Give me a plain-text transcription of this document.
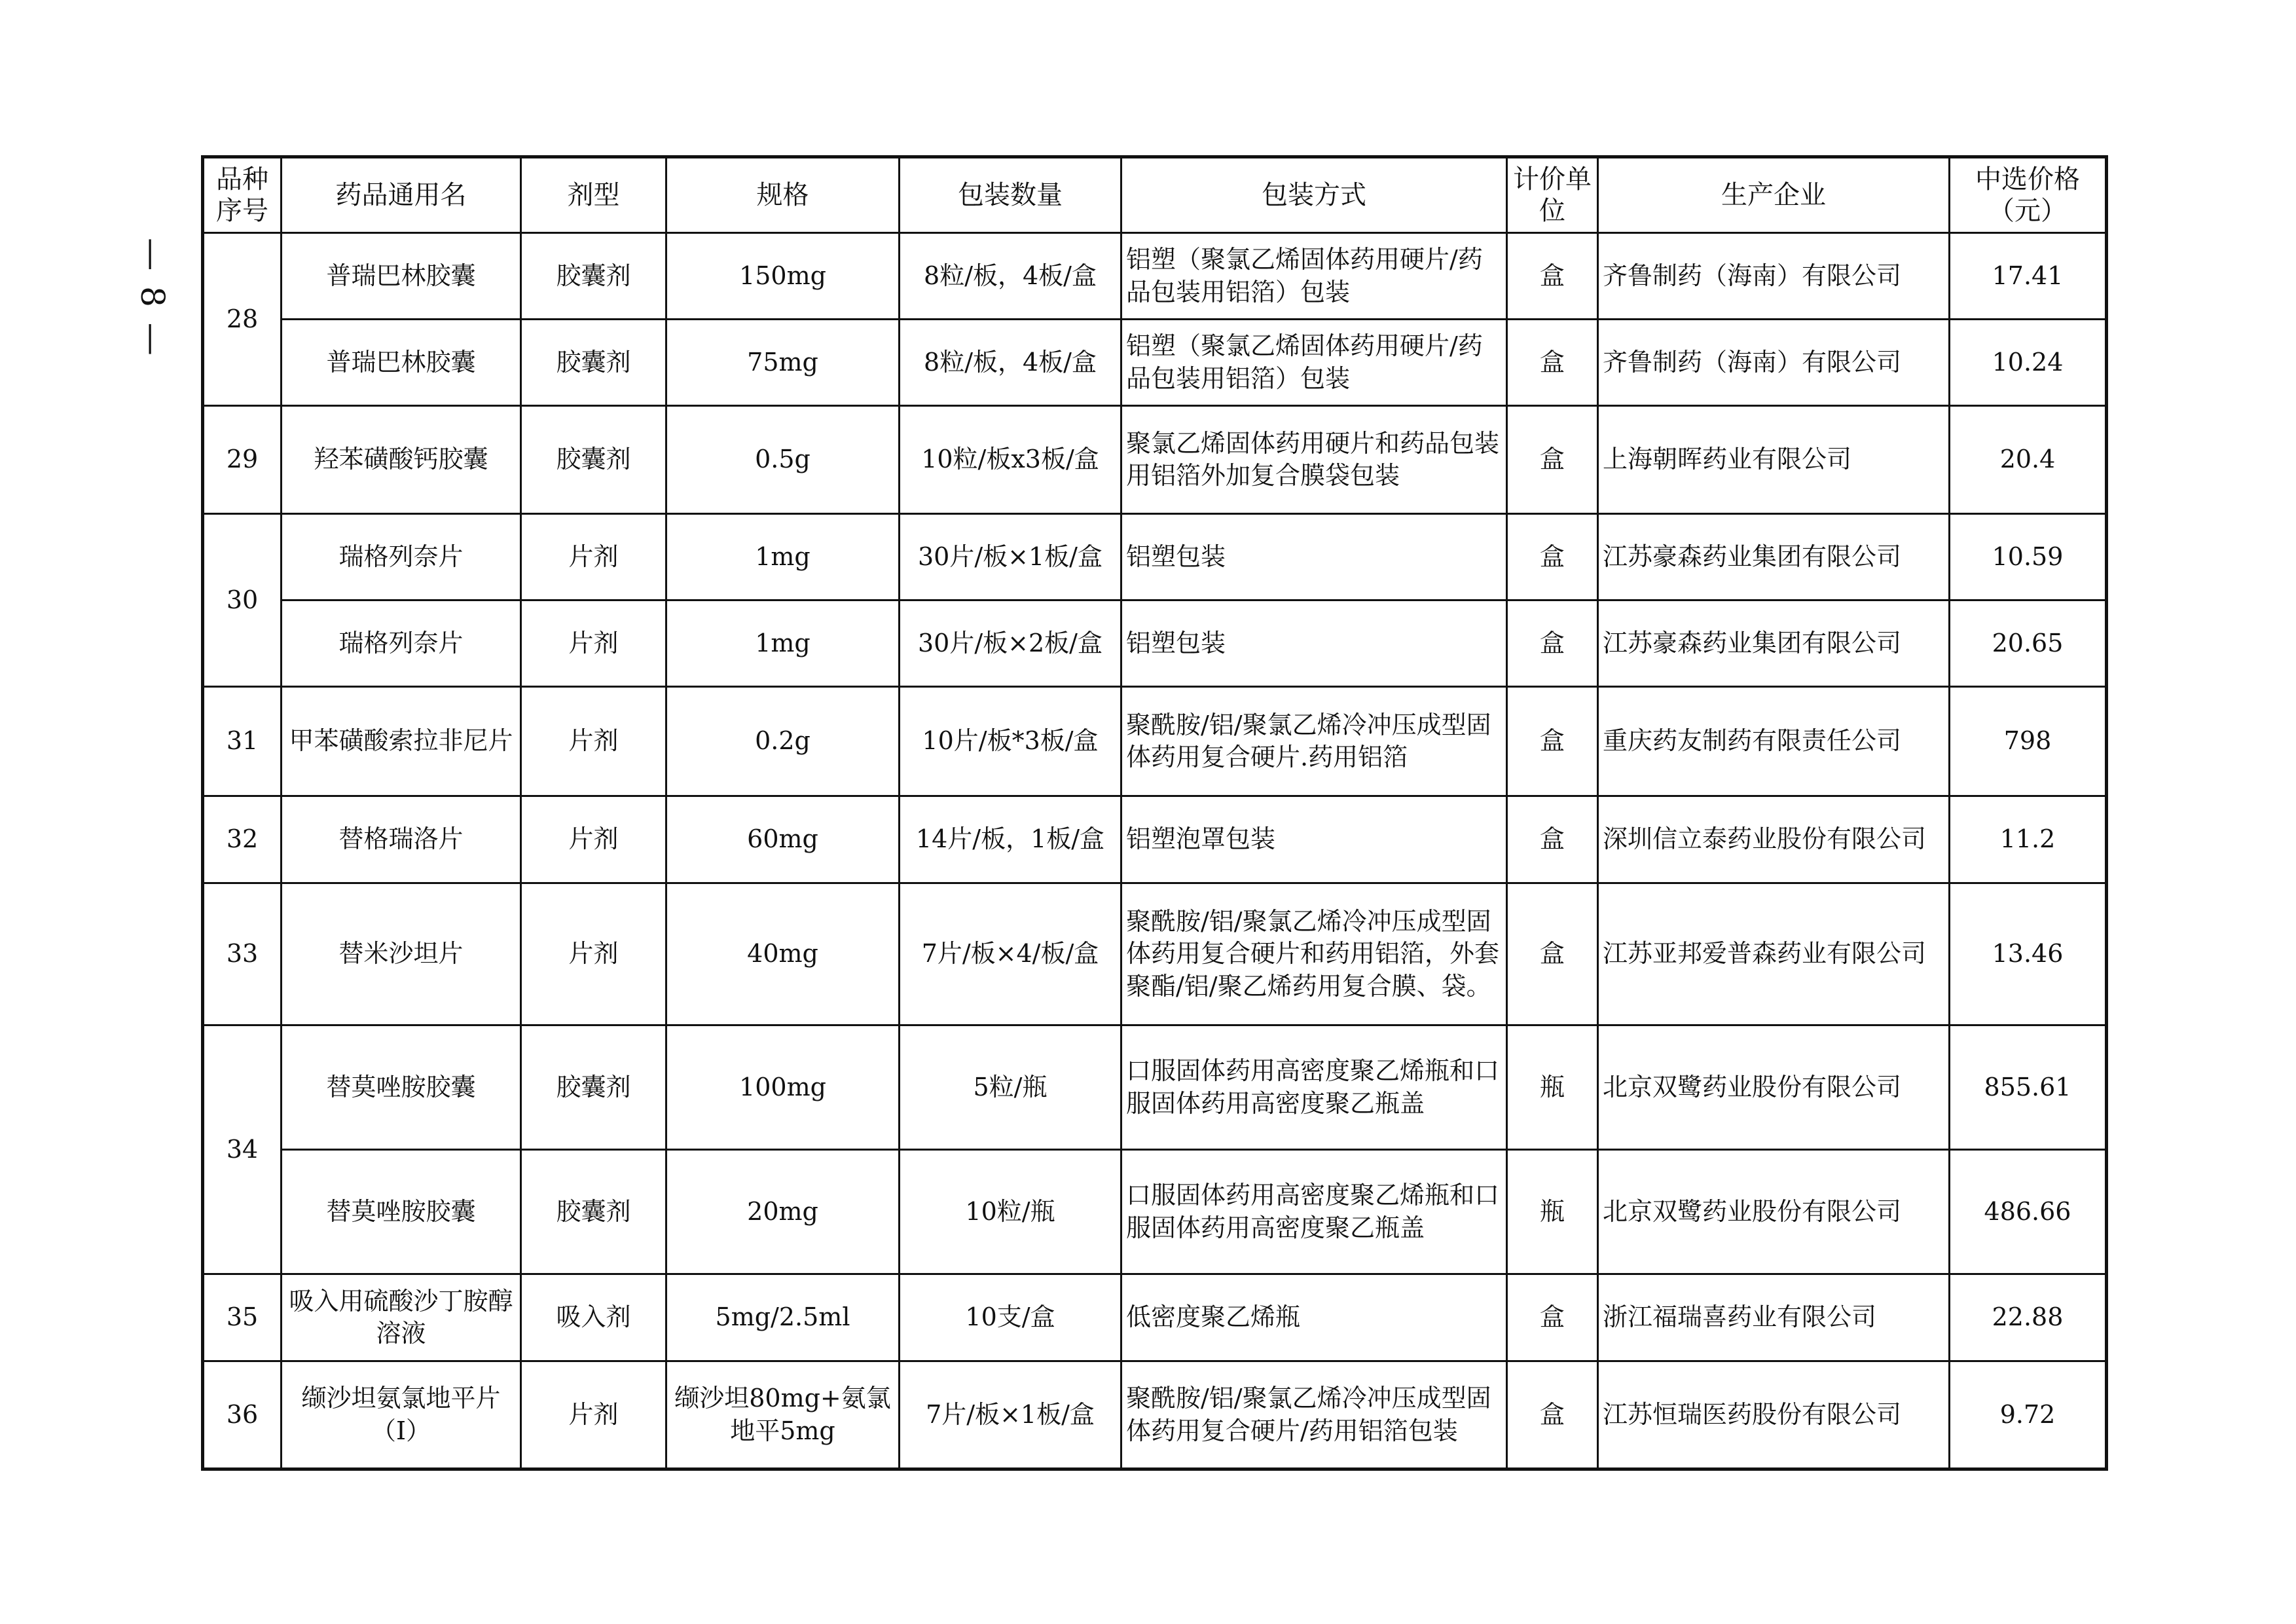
— 8 —
品种序号	药品通用名	剂型	规格	包装数量	包装方式	计价单位	生产企业	中选价格（元）
28	普瑞巴林胶囊	胶囊剂	150mg	8粒/板，4板/盒	铝塑（聚氯乙烯固体药用硬片/药品包装用铝箔）包装	盒	齐鲁制药（海南）有限公司	17.41
	普瑞巴林胶囊	胶囊剂	75mg	8粒/板，4板/盒	铝塑（聚氯乙烯固体药用硬片/药品包装用铝箔）包装	盒	齐鲁制药（海南）有限公司	10.24
29	羟苯磺酸钙胶囊	胶囊剂	0.5g	10粒/板x3板/盒	聚氯乙烯固体药用硬片和药品包装用铝箔外加复合膜袋包装	盒	上海朝晖药业有限公司	20.4
30	瑞格列奈片	片剂	1mg	30片/板×1板/盒	铝塑包装	盒	江苏豪森药业集团有限公司	10.59
	瑞格列奈片	片剂	1mg	30片/板×2板/盒	铝塑包装	盒	江苏豪森药业集团有限公司	20.65
31	甲苯磺酸索拉非尼片	片剂	0.2g	10片/板*3板/盒	聚酰胺/铝/聚氯乙烯冷冲压成型固体药用复合硬片.药用铝箔	盒	重庆药友制药有限责任公司	798
32	替格瑞洛片	片剂	60mg	14片/板，1板/盒	铝塑泡罩包装	盒	深圳信立泰药业股份有限公司	11.2
33	替米沙坦片	片剂	40mg	7片/板×4/板/盒	聚酰胺/铝/聚氯乙烯冷冲压成型固体药用复合硬片和药用铝箔，外套聚酯/铝/聚乙烯药用复合膜、袋。	盒	江苏亚邦爱普森药业有限公司	13.46
34	替莫唑胺胶囊	胶囊剂	100mg	5粒/瓶	口服固体药用高密度聚乙烯瓶和口服固体药用高密度聚乙瓶盖	瓶	北京双鹭药业股份有限公司	855.61
	替莫唑胺胶囊	胶囊剂	20mg	10粒/瓶	口服固体药用高密度聚乙烯瓶和口服固体药用高密度聚乙瓶盖	瓶	北京双鹭药业股份有限公司	486.66
35	吸入用硫酸沙丁胺醇溶液	吸入剂	5mg/2.5ml	10支/盒	低密度聚乙烯瓶	盒	浙江福瑞喜药业有限公司	22.88
36	缬沙坦氨氯地平片（Ⅰ）	片剂	缬沙坦80mg+氨氯地平5mg	7片/板×1板/盒	聚酰胺/铝/聚氯乙烯冷冲压成型固体药用复合硬片/药用铝箔包装	盒	江苏恒瑞医药股份有限公司	9.72
